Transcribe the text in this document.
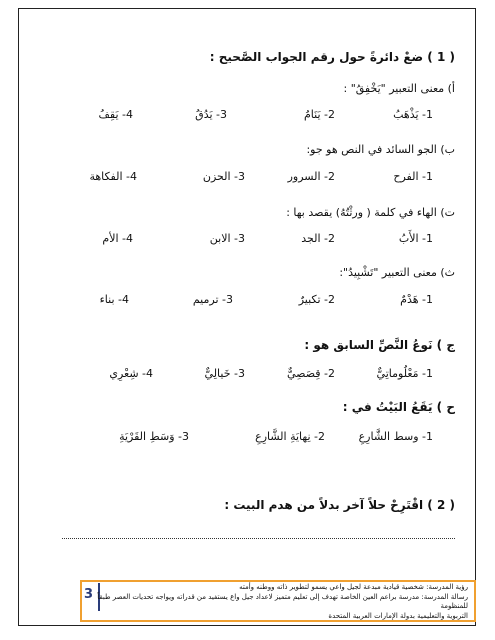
( 1 ) ضعْ دائرةً حول رقم الجواب الصَّحيح :
أ) معنى التعبير "يَخْفِقُ" :
1- يَذْهَبُ
2- يَنَامُ
3- يَدُقُ
4- يَقِفُ
ب) الجو السائد في النص هو جو:
1- الفرح
2- السرور
3- الحزن
4- الفكاهة
ت) الهاء في كلمة ( ورثْتُهُ) يقصد بها :
1- الأَبُ
2- الجد
3- الابن
4- الأم
ث) معنى التعبير "تَشْبِيدُ":
1- هَدْمٌ
2- تكبيرٌ
3- ترميم
4- بناء
ج ) نَوعُ النَّصِّ السابق هو :
1- مَعْلُوماتِيٌّ
2- قِصَصِيٌّ
3- خَيالِيٌّ
4- شِعْرِي
ح ) يَقَعُ البَيْتُ في :
1- وسط الشَّارِعِ
2- نِهايَةِ الشَّارِعِ
3- وَسَطِ القَرْيَةِ
( 2 ) اقْتَرِحْ حلاً آخر بدلاً من هدم البيت :
3	رؤية المدرسة: شخصية قيادية مبدعة لجيل واعي يسمو لتطوير ذاته ووطنه وأمته
رسالة المدرسة: مدرسة براعم العين الخاصة تهدف إلى تعليم متميز لاعداد جيل واع يستفيد من قدراته ويواجه تحديات العصر طبقاً للمنظومة
التربوية والتعليمية بدولة الإمارات العربية المتحدة
